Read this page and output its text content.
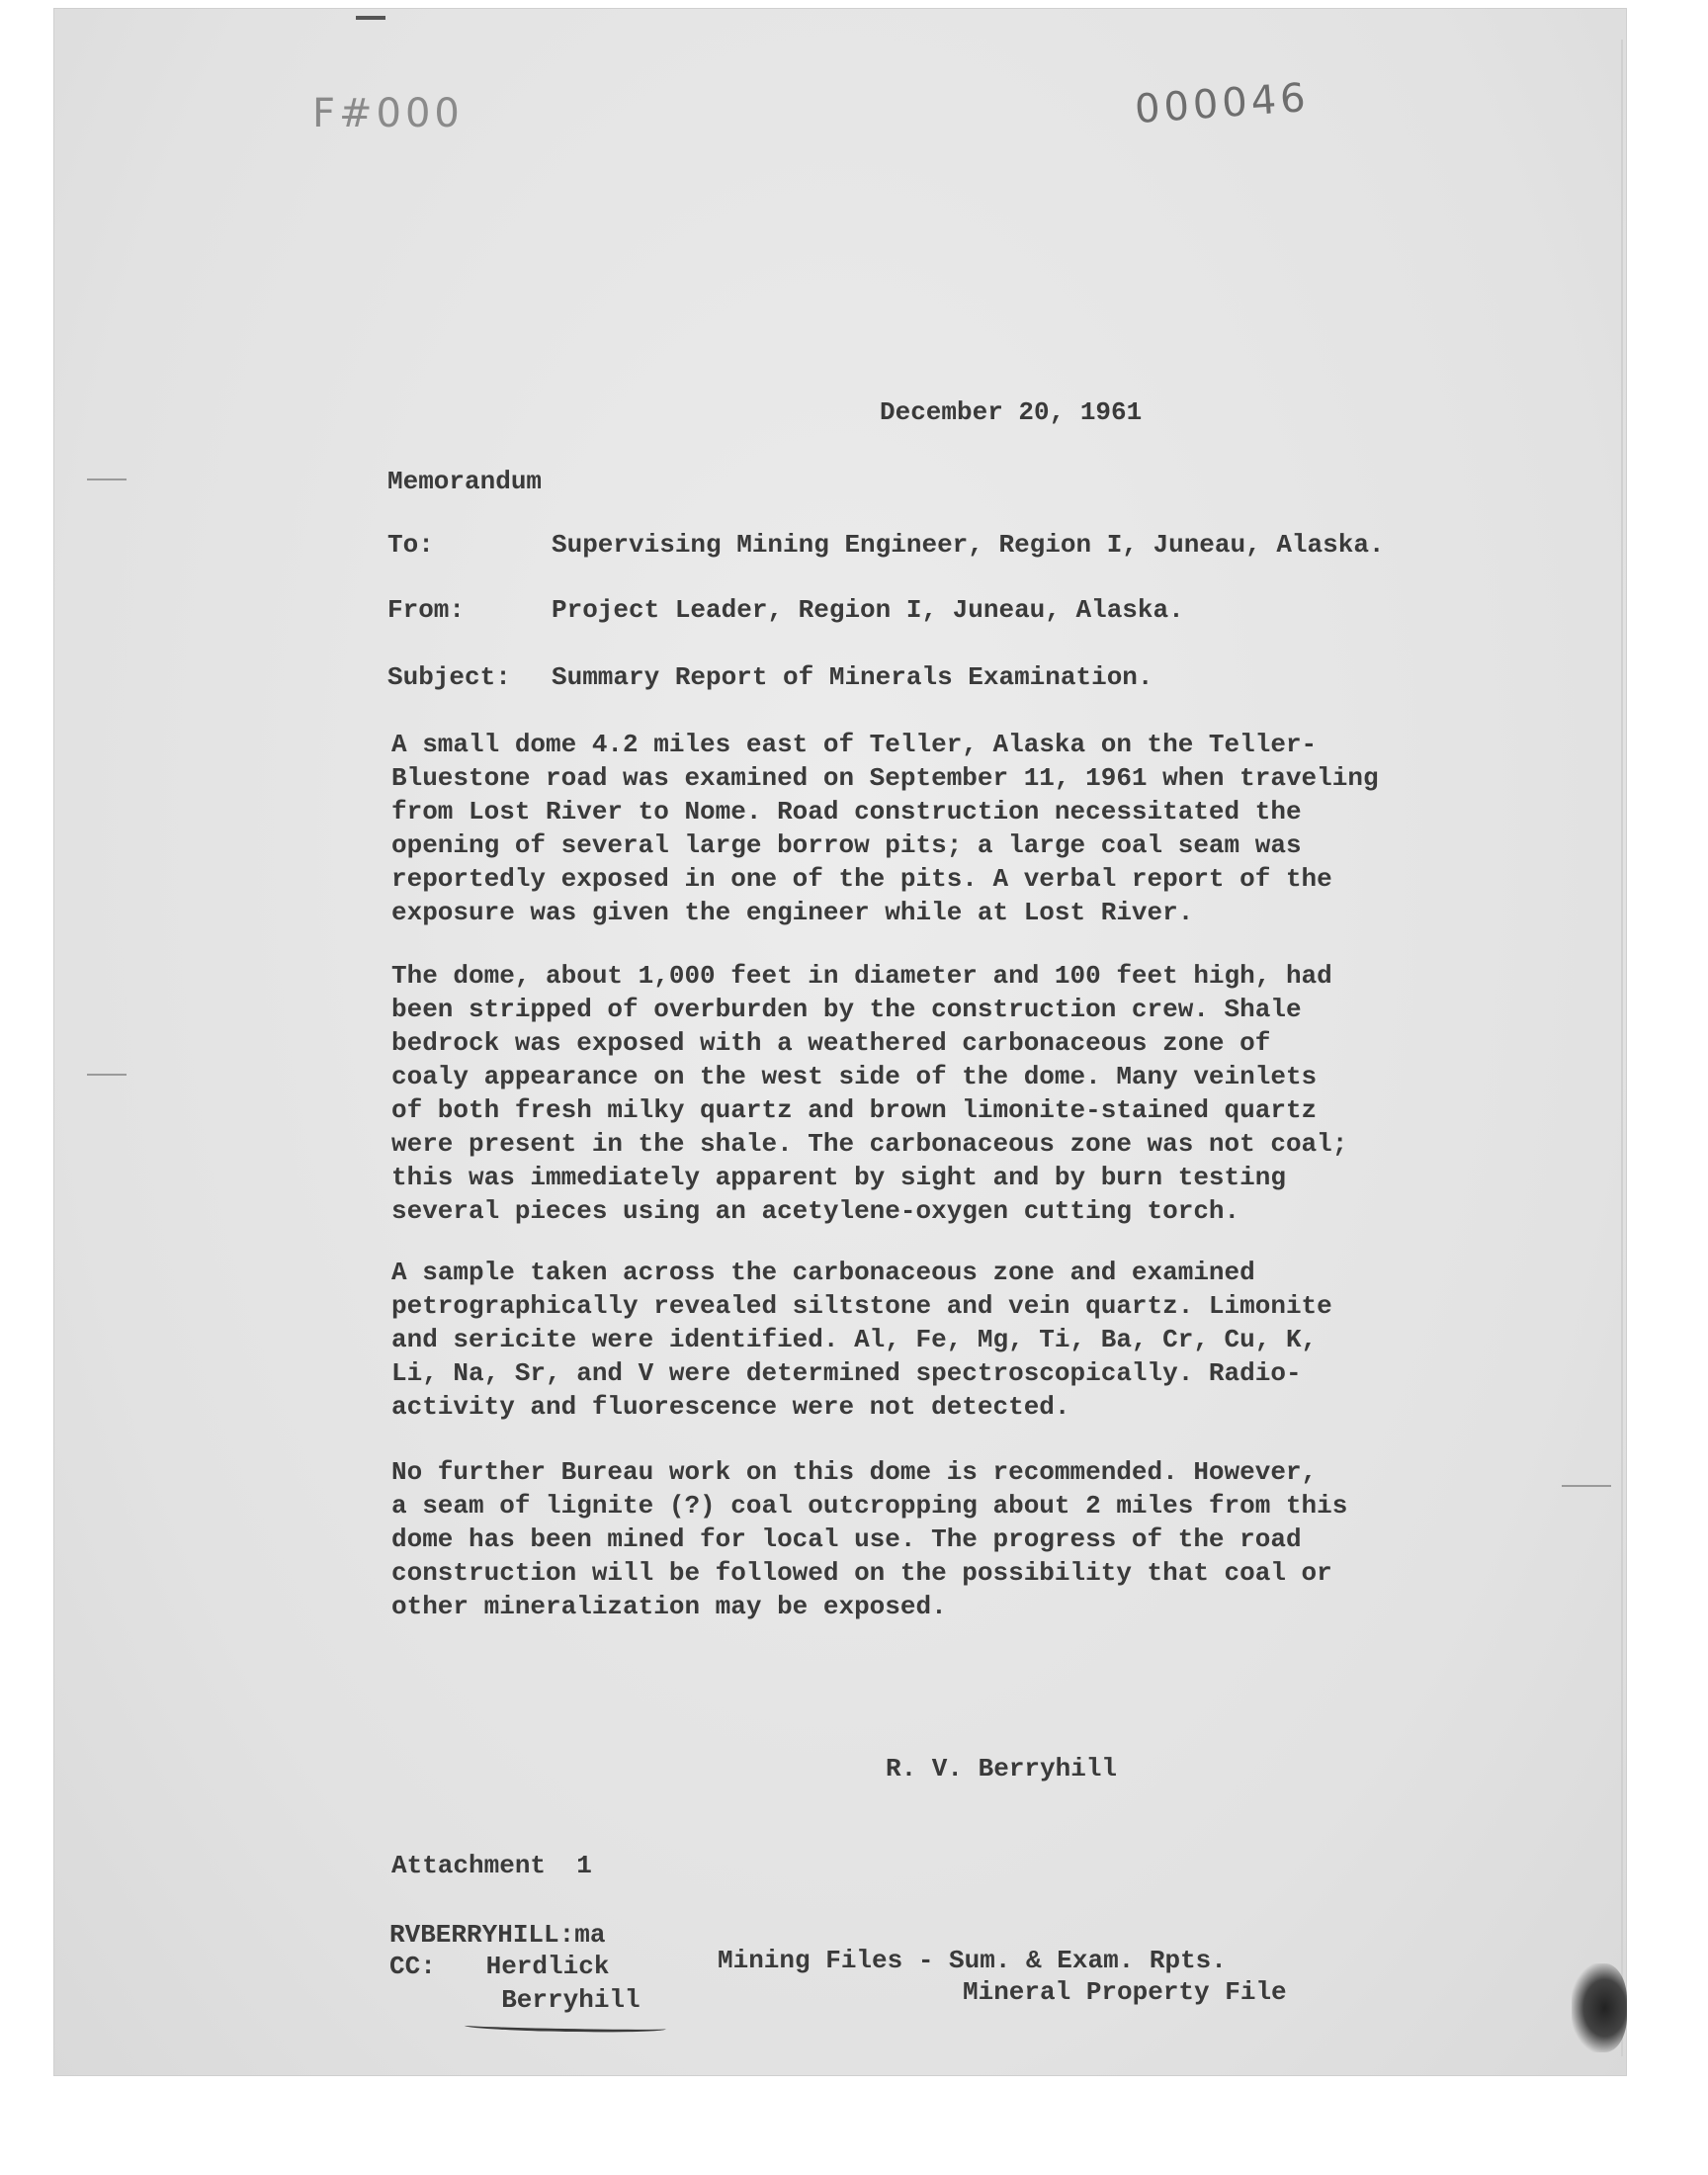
F#000	000046
December 20, 1961
Memorandum
To:	Supervising Mining Engineer, Region I, Juneau, Alaska.
From:	Project Leader, Region I, Juneau, Alaska.
Subject: Summary Report of Minerals Examination.
A small dome 4.2 miles east of Teller, Alaska on the Teller-
Bluestone road was examined on September 11, 1961 when traveling
from Lost River to Nome. Road construction necessitated the
opening of several large borrow pits; a large coal seam was
reportedly exposed in one of the pits. A verbal report of the
exposure was given the engineer while at Lost River.
The dome, about 1,000 feet in diameter and 100 feet high, had
been stripped of overburden by the construction crew. Shale
bedrock was exposed with a weathered carbonaceous zone of
coaly appearance on the west side of the dome. Many veinlets
of both fresh milky quartz and brown limonite-stained quartz
were present in the shale. The carbonaceous zone was not coal;
this was immediately apparent by sight and by burn testing
several pieces using an acetylene-oxygen cutting torch.
A sample taken across the carbonaceous zone and examined
petrographically revealed siltstone and vein quartz. Limonite
and sericite were identified. Al, Fe, Mg, Ti, Ba, Cr, Cu, K,
Li, Na, Sr, and V were determined spectroscopically. Radio-
activity and fluorescence were not detected.
No further Bureau work on this dome is recommended. However,
a seam of lignite (?) coal outcropping about 2 miles from this
dome has been mined for local use. The progress of the road
construction will be followed on the possibility that coal or
other mineralization may be exposed.
R. V. Berryhill
Attachment  1
RVBERRYHILL:ma
CC: Herdlick
Berryhill
Mining Files - Sum. & Exam. Rpts.
Mineral Property File
